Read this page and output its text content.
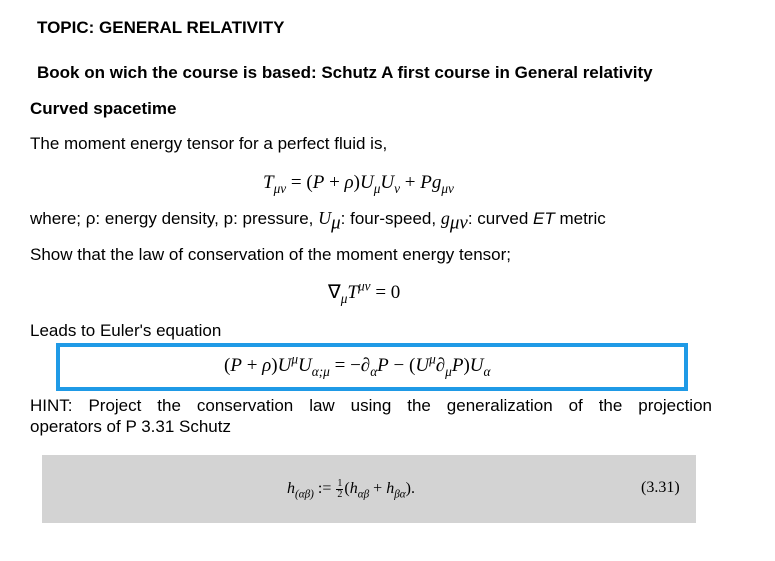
TOPIC: GENERAL RELATIVITY
Book on wich the course is based: Schutz A first course in General relativity
Curved spacetime
The moment energy tensor for a perfect fluid is,
$T_{\mu\nu} = (P + \rho)U_\mu U_\nu + Pg_{\mu\nu}$
where; ρ: energy density, p: pressure, $U_\mu$: four-speed, $g_{\mu\nu}$: curved ET metric
Show that the law of conservation of the moment energy tensor;
$\nabla_\mu T^{\mu\nu} = 0$
Leads to Euler's equation
$(P + \rho)U^\mu U_{\alpha;\mu} = -\partial_\alpha P - (U^\mu\partial_\mu P)U_\alpha$
HINT: Project the conservation law using the generalization of the projection
operators of P 3.31 Schutz
$h_{(\alpha\beta)}$ := $\frac{1}{2} (h_{\alpha\beta} + h_{\beta\alpha})$.	(3.31)
